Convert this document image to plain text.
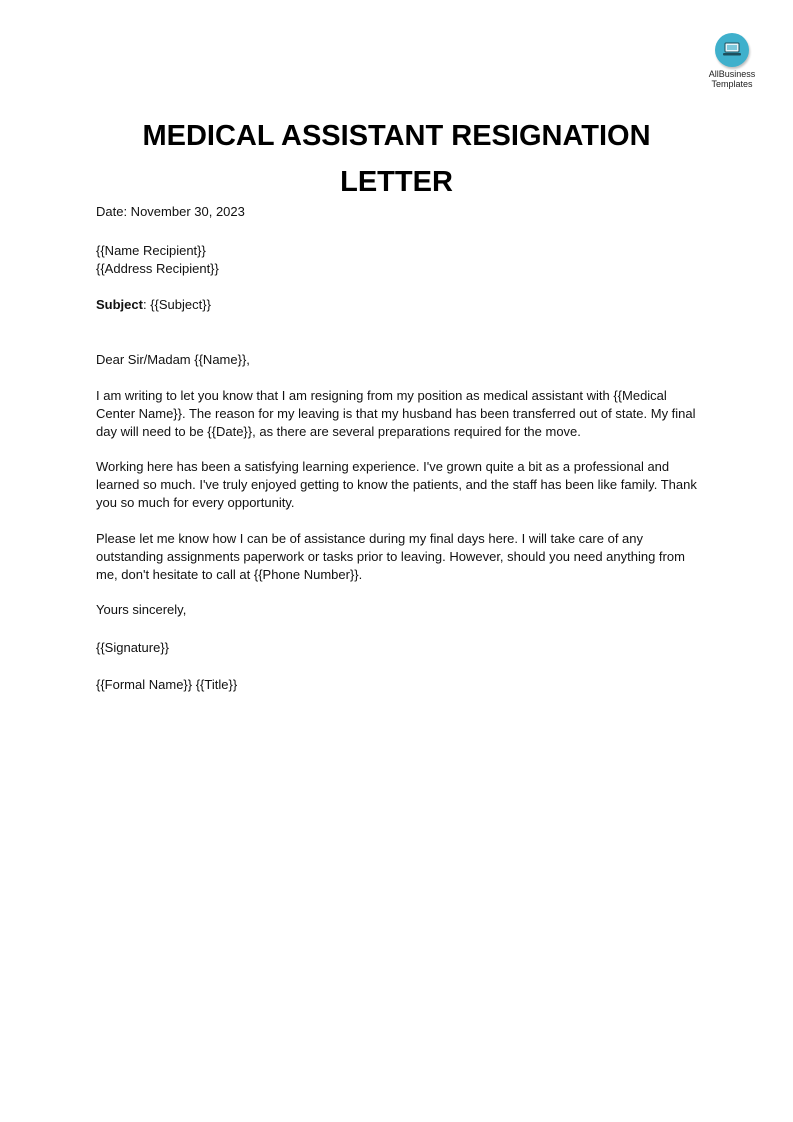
AllBusiness
Templates
MEDICAL ASSISTANT RESIGNATION
LETTER

Date: November 30, 2023

{{Name Recipient}}

{{Address Recipient}}

Subject: {{Subject}}

Dear Sir/Madam {{Name}},

I am writing to let you know that I am resigning from my position as medical assistant with {{Medical Center Name}}. The reason for my leaving is that my husband has been transferred out of state. My final day will need to be {{Date}}, as there are several preparations required for the move.

Working here has been a satisfying learning experience. I've grown quite a bit as a professional and learned so much. I've truly enjoyed getting to know the patients, and the staff has been like family. Thank you so much for every opportunity.

Please let me know how I can be of assistance during my final days here. I will take care of any outstanding assignments paperwork or tasks prior to leaving. However, should you need anything from me, don't hesitate to call at {{Phone Number}}.

Yours sincerely,

{{Signature}}

{{Formal Name}} {{Title}}
